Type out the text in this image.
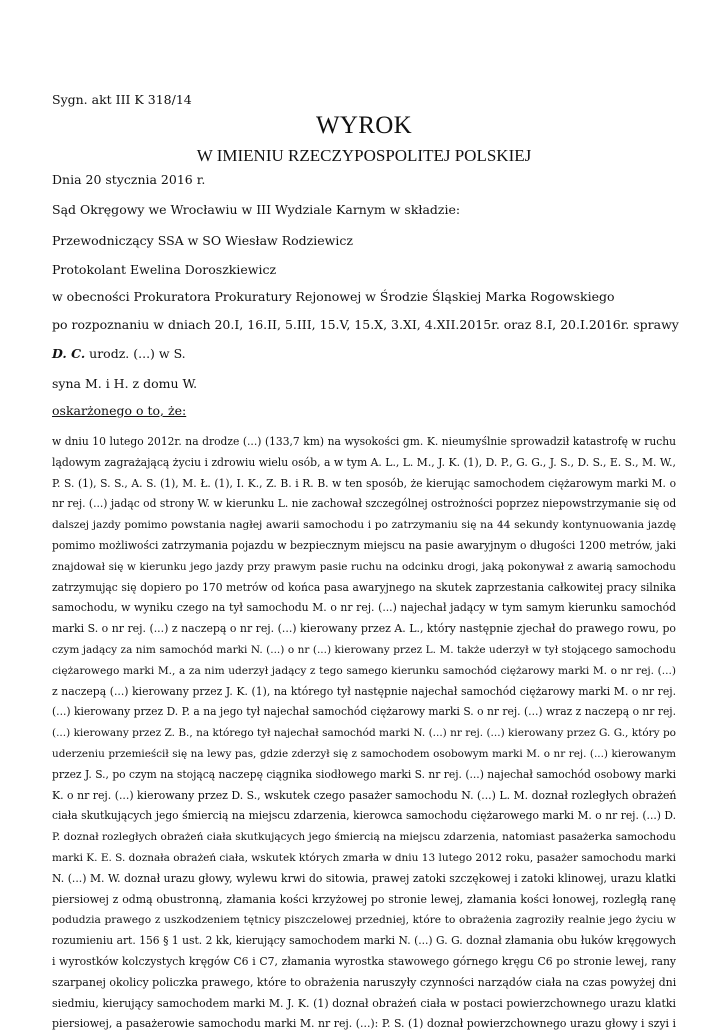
Sygn. akt III K 318/14
WYROK
W IMIENIU RZECZYPOSPOLITEJ POLSKIEJ
Dnia 20 stycznia 2016 r.
Sąd Okręgowy we Wrocławiu w III Wydziale Karnym w składzie:
Przewodniczący SSA w SO Wiesław Rodziewicz
Protokolant Ewelina Doroszkiewicz
w obecności Prokuratora Prokuratury Rejonowej w Środzie Śląskiej Marka Rogowskiego
po rozpoznaniu w dniach 20.I, 16.II, 5.III, 15.V, 15.X, 3.XI, 4.XII.2015r. oraz 8.I, 20.I.2016r. sprawy
D. C. urodz. (...) w S.
syna M. i H. z domu W.
oskarżonego o to, że:
w dniu 10 lutego 2012r. na drodze (...) (133,7 km) na wysokości gm. K. nieumyślnie sprowadził katastrofę w ruchu
lądowym zagrażającą życiu i zdrowiu wielu osób, a w tym A. L., L. M., J. K. (1), D. P., G. G., J. S., D. S., E. S., M. W.,
P. S. (1), S. S., A. S. (1), M. Ł. (1), I. K., Z. B. i R. B. w ten sposób, że kierując samochodem ciężarowym marki M. o
nr rej. (...) jadąc od strony W. w kierunku L. nie zachował szczególnej ostrożności poprzez niepowstrzymanie się od
dalszej jazdy pomimo powstania nagłej awarii samochodu i po zatrzymaniu się na 44 sekundy kontynuowania jazdę
pomimo możliwości zatrzymania pojazdu w bezpiecznym miejscu na pasie awaryjnym o długości 1200 metrów, jaki
znajdował się w kierunku jego jazdy przy prawym pasie ruchu na odcinku drogi, jaką pokonywał z awarią samochodu
zatrzymując się dopiero po 170 metrów od końca pasa awaryjnego na skutek zaprzestania całkowitej pracy silnika
samochodu, w wyniku czego na tył samochodu M. o nr rej. (...) najechał jadący w tym samym kierunku samochód
marki S. o nr rej. (...) z naczepą o nr rej. (...) kierowany przez A. L., który następnie zjechał do prawego rowu, po
czym jadący za nim samochód marki N. (...) o nr (...) kierowany przez L. M. także uderzył w tył stojącego samochodu
ciężarowego marki M., a za nim uderzył jadący z tego samego kierunku samochód ciężarowy marki M. o nr rej. (...)
z naczepą (...) kierowany przez J. K. (1), na którego tył następnie najechał samochód ciężarowy marki M. o nr rej.
(...) kierowany przez D. P. a na jego tył najechał samochód ciężarowy marki S. o nr rej. (...) wraz z naczepą o nr rej.
(...) kierowany przez Z. B., na którego tył najechał samochód marki N. (...) nr rej. (...) kierowany przez G. G., który po
uderzeniu przemieścił się na lewy pas, gdzie zderzył się z samochodem osobowym marki M. o nr rej. (...) kierowanym
przez J. S., po czym na stojącą naczepę ciągnika siodłowego marki S. nr rej. (...) najechał samochód osobowy marki
K. o nr rej. (...) kierowany przez D. S., wskutek czego pasażer samochodu N. (...) L. M. doznał rozległych obrażeń
ciała skutkujących jego śmiercią na miejscu zdarzenia, kierowca samochodu ciężarowego marki M. o nr rej. (...) D.
P. doznał rozległych obrażeń ciała skutkujących jego śmiercią na miejscu zdarzenia, natomiast pasażerka samochodu
marki K. E. S. doznała obrażeń ciała, wskutek których zmarła w dniu 13 lutego 2012 roku, pasażer samochodu marki
N. (...) M. W. doznał urazu głowy, wylewu krwi do sitowia, prawej zatoki szczękowej i zatoki klinowej, urazu klatki
piersiowej z odmą obustronną, złamania kości krzyżowej po stronie lewej, złamania kości łonowej, rozległą ranę
podudzia prawego z uszkodzeniem tętnicy piszczelowej przedniej, które to obrażenia zagroziły realnie jego życiu w
rozumieniu art. 156 § 1 ust. 2 kk, kierujący samochodem marki N. (...) G. G. doznał złamania obu łuków kręgowych
i wyrostków kolczystych kręgów C6 i C7, złamania wyrostka stawowego górnego kręgu C6 po stronie lewej, rany
szarpanej okolicy policzka prawego, które to obrażenia naruszyły czynności narządów ciała na czas powyżej dni
siedmiu, kierujący samochodem marki M. J. K. (1) doznał obrażeń ciała w postaci powierzchownego urazu klatki
piersiowej, a pasażerowie samochodu marki M. nr rej. (...): P. S. (1) doznał powierzchownego urazu głowy i szyi i
